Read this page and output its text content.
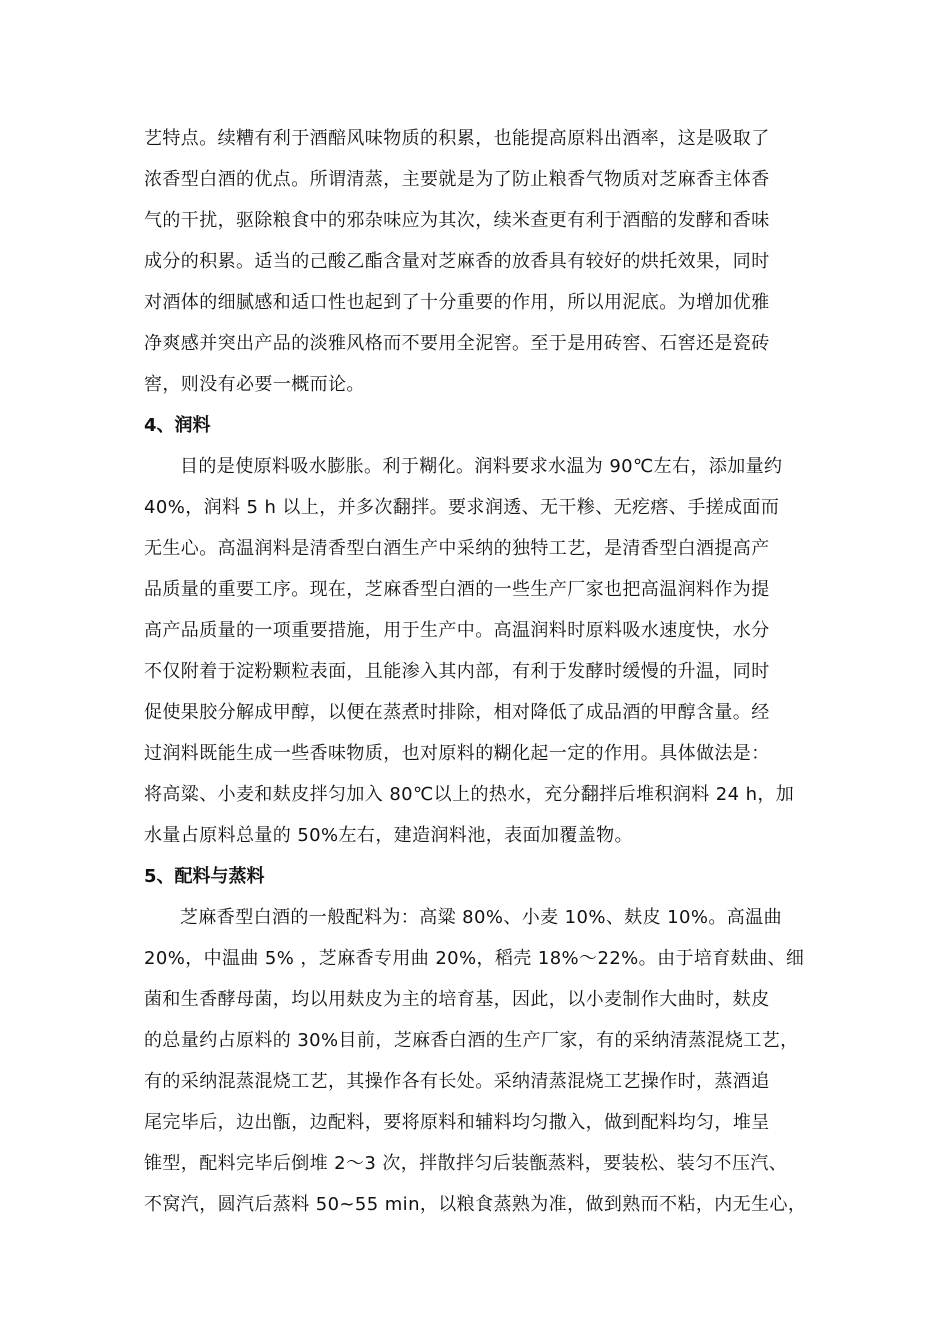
艺特点。续糟有利于酒醅风味物质的积累，也能提高原料出酒率，这是吸取了
浓香型白酒的优点。所谓清蒸，主要就是为了防止粮香气物质对芝麻香主体香
气的干扰，驱除粮食中的邪杂味应为其次，续米查更有利于酒醅的发酵和香味
成分的积累。适当的己酸乙酯含量对芝麻香的放香具有较好的烘托效果，同时
对酒体的细腻感和适口性也起到了十分重要的作用，所以用泥底。为增加优雅
净爽感并突出产品的淡雅风格而不要用全泥窖。至于是用砖窖、石窖还是瓷砖
窖，则没有必要一概而论。
4、润料
目的是使原料吸水膨胀。利于糊化。润料要求水温为 90℃左右，添加量约
40%，润料 5 h 以上，并多次翻拌。要求润透、无干糁、无疙瘩、手搓成面而
无生心。高温润料是清香型白酒生产中采纳的独特工艺，是清香型白酒提高产
品质量的重要工序。现在，芝麻香型白酒的一些生产厂家也把高温润料作为提
高产品质量的一项重要措施，用于生产中。高温润料时原料吸水速度快，水分
不仅附着于淀粉颗粒表面，且能渗入其内部，有利于发酵时缓慢的升温，同时
促使果胶分解成甲醇，以便在蒸煮时排除，相对降低了成品酒的甲醇含量。经
过润料既能生成一些香味物质，也对原料的糊化起一定的作用。具体做法是：
将高粱、小麦和麸皮拌匀加入 80℃以上的热水，充分翻拌后堆积润料 24 h，加
水量占原料总量的 50%左右，建造润料池，表面加覆盖物。
5、配料与蒸料
芝麻香型白酒的一般配料为：高粱 80%、小麦 10%、麸皮 10%。高温曲
20%，中温曲 5% ，芝麻香专用曲 20%，稻壳 18%～22%。由于培育麸曲、细
菌和生香酵母菌，均以用麸皮为主的培育基，因此，以小麦制作大曲时，麸皮
的总量约占原料的 30%目前，芝麻香白酒的生产厂家，有的采纳清蒸混烧工艺，
有的采纳混蒸混烧工艺，其操作各有长处。采纳清蒸混烧工艺操作时，蒸酒追
尾完毕后，边出甑，边配料，要将原料和辅料均匀撒入，做到配料均匀，堆呈
锥型，配料完毕后倒堆 2～3 次，拌散拌匀后装甑蒸料，要装松、装匀不压汽、
不窝汽，圆汽后蒸料 50~55 min，以粮食蒸熟为准，做到熟而不粘，内无生心，
